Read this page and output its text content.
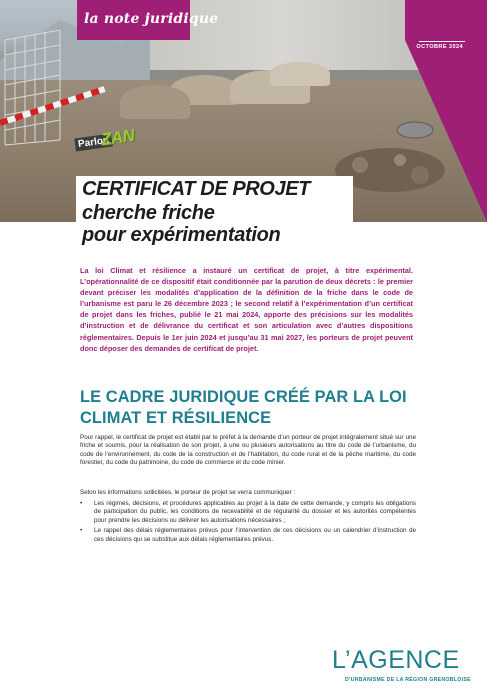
la note juridique
OCTOBRE 2024
Parlon
ZAN
CERTIFICAT DE PROJET
cherche friche
pour expérimentation
La loi Climat et résilience a instauré un certificat de projet, à titre expérimental. L’opérationnalité de ce dispositif était conditionnée par la parution de deux décrets : le premier devant préciser les modalités d’application de la définition de la friche dans le code de l’urbanisme est paru le 26 décembre 2023 ; le second relatif à l’expérimentation d’un certificat de projet dans les friches, publié le 21 mai 2024, apporte des précisions sur les modalités d’instruction et de délivrance du certificat et son articulation avec d’autres dispositions réglementaires. Depuis le 1er juin 2024 et jusqu’au 31 mai 2027, les porteurs de projet peuvent donc déposer des demandes de certificat de projet.
LE CADRE JURIDIQUE CRÉÉ PAR LA LOI CLIMAT ET RÉSILIENCE
Pour rappel, le certificat de projet est établi par le préfet à la demande d’un porteur de projet intégralement situé sur une friche et soumis, pour la réalisation de son projet, à une ou plusieurs autorisations au titre du code de l’urbanisme, du code de l’environnement, du code de la construction et de l’habitation, du code rural et de la pêche maritime, du code forestier, du code du patrimoine, du code de commerce et du code minier.
Selon les informations sollicitées, le porteur de projet se verra communiquer :
• Les régimes, décisions, et procédures applicables au projet à la date de cette demande, y compris les obligations de participation du public, les conditions de recevabilité et de régularité du dossier et les autorités compétentes pour prendre les décisions ou délivrer les autorisations nécessaires ;
• Le rappel des délais réglementaires prévus pour l’intervention de ces décisions ou un calendrier d’instruction de ces décisions qui se substitue aux délais réglementaires prévus.
L’AGENCE
D’URBANISME DE LA RÉGION GRENOBLOISE
